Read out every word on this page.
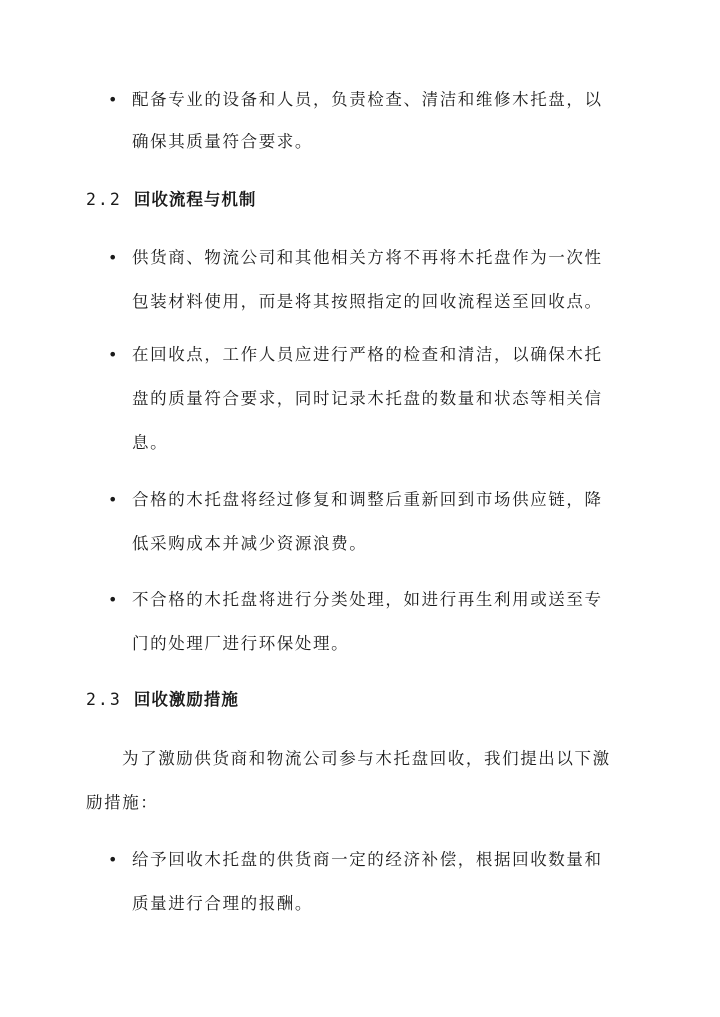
• 配备专业的设备和人员，负责检查、清洁和维修木托盘，以
确保其质量符合要求。
2.2 回收流程与机制
• 供货商、物流公司和其他相关方将不再将木托盘作为一次性
包装材料使用，而是将其按照指定的回收流程送至回收点。
• 在回收点，工作人员应进行严格的检查和清洁，以确保木托
盘的质量符合要求，同时记录木托盘的数量和状态等相关信
息。
• 合格的木托盘将经过修复和调整后重新回到市场供应链，降
低采购成本并减少资源浪费。
• 不合格的木托盘将进行分类处理，如进行再生利用或送至专
门的处理厂进行环保处理。
2.3 回收激励措施
为了激励供货商和物流公司参与木托盘回收，我们提出以下激
励措施：
• 给予回收木托盘的供货商一定的经济补偿，根据回收数量和
质量进行合理的报酬。
